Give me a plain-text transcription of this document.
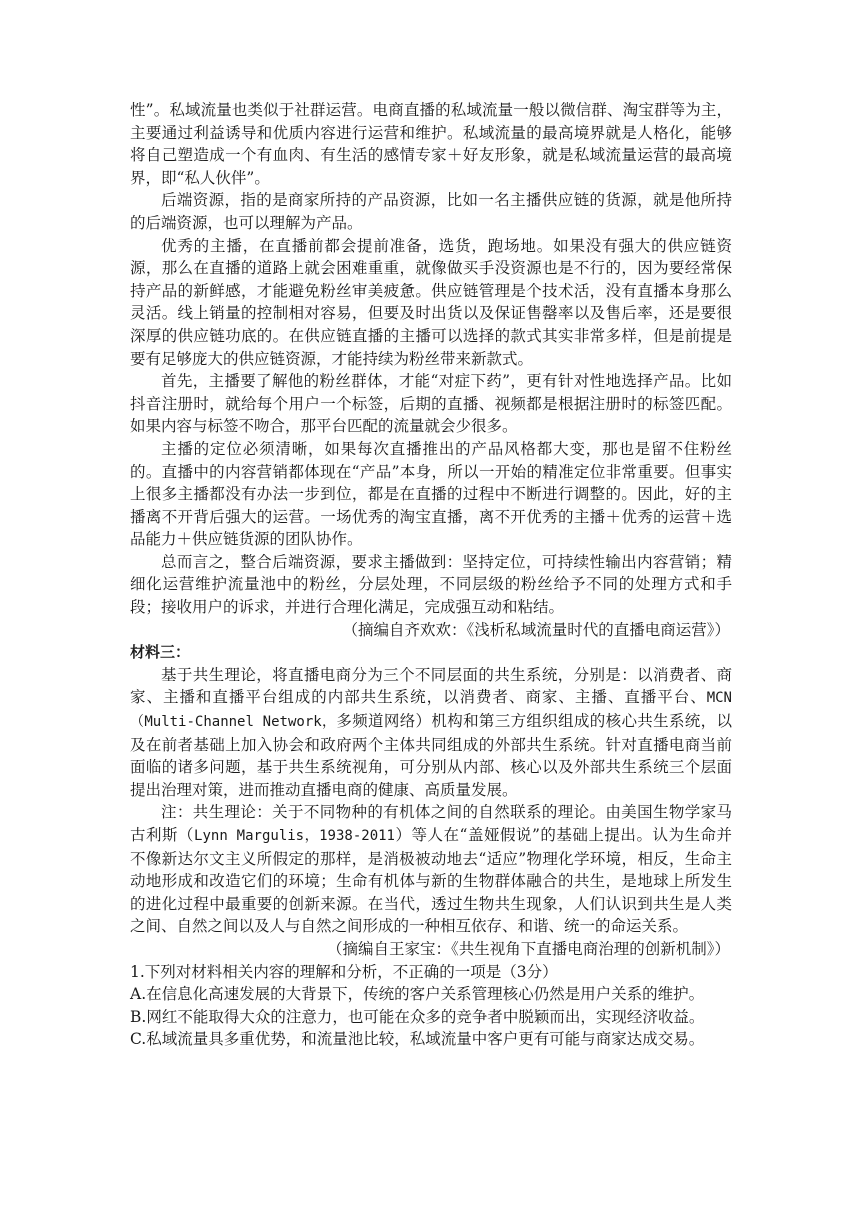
性”。私域流量也类似于社群运营。电商直播的私域流量一般以微信群、淘宝群等为主，主要通过利益诱导和优质内容进行运营和维护。私域流量的最高境界就是人格化，能够将自己塑造成一个有血肉、有生活的感情专家＋好友形象，就是私域流量运营的最高境界，即“私人伙伴”。

后端资源，指的是商家所持的产品资源，比如一名主播供应链的货源，就是他所持的后端资源，也可以理解为产品。

优秀的主播，在直播前都会提前准备，选货，跑场地。如果没有强大的供应链资源，那么在直播的道路上就会困难重重，就像做买手没资源也是不行的，因为要经常保持产品的新鲜感，才能避免粉丝审美疲惫。供应链管理是个技术活，没有直播本身那么灵活。线上销量的控制相对容易，但要及时出货以及保证售罄率以及售后率，还是要很深厚的供应链功底的。在供应链直播的主播可以选择的款式其实非常多样，但是前提是要有足够庞大的供应链资源，才能持续为粉丝带来新款式。

首先，主播要了解他的粉丝群体，才能“对症下药”，更有针对性地选择产品。比如抖音注册时，就给每个用户一个标签，后期的直播、视频都是根据注册时的标签匹配。如果内容与标签不吻合，那平台匹配的流量就会少很多。

主播的定位必须清晰，如果每次直播推出的产品风格都大变，那也是留不住粉丝的。直播中的内容营销都体现在“产品”本身，所以一开始的精准定位非常重要。但事实上很多主播都没有办法一步到位，都是在直播的过程中不断进行调整的。因此，好的主播离不开背后强大的运营。一场优秀的淘宝直播，离不开优秀的主播＋优秀的运营＋选品能力＋供应链货源的团队协作。

总而言之，整合后端资源，要求主播做到：坚持定位，可持续性输出内容营销；精细化运营维护流量池中的粉丝，分层处理，不同层级的粉丝给予不同的处理方式和手段；接收用户的诉求，并进行合理化满足，完成强互动和粘结。

（摘编自齐欢欢：《浅析私域流量时代的直播电商运营》）

材料三：

基于共生理论，将直播电商分为三个不同层面的共生系统，分别是：以消费者、商家、主播和直播平台组成的内部共生系统，以消费者、商家、主播、直播平台、MCN（Multi-Channel Network，多频道网络）机构和第三方组织组成的核心共生系统，以及在前者基础上加入协会和政府两个主体共同组成的外部共生系统。针对直播电商当前面临的诸多问题，基于共生系统视角，可分别从内部、核心以及外部共生系统三个层面提出治理对策，进而推动直播电商的健康、高质量发展。

注：共生理论：关于不同物种的有机体之间的自然联系的理论。由美国生物学家马古利斯（Lynn Margulis，1938-2011）等人在“盖娅假说”的基础上提出。认为生命并不像新达尔文主义所假定的那样，是消极被动地去“适应”物理化学环境，相反，生命主动地形成和改造它们的环境；生命有机体与新的生物群体融合的共生，是地球上所发生的进化过程中最重要的创新来源。在当代，透过生物共生现象，人们认识到共生是人类之间、自然之间以及人与自然之间形成的一种相互依存、和谐、统一的命运关系。

（摘编自王家宝：《共生视角下直播电商治理的创新机制》）

1.下列对材料相关内容的理解和分析，不正确的一项是（3分）

A.在信息化高速发展的大背景下，传统的客户关系管理核心仍然是用户关系的维护。

B.网红不能取得大众的注意力，也可能在众多的竞争者中脱颖而出，实现经济收益。

C.私域流量具多重优势，和流量池比较，私域流量中客户更有可能与商家达成交易。
